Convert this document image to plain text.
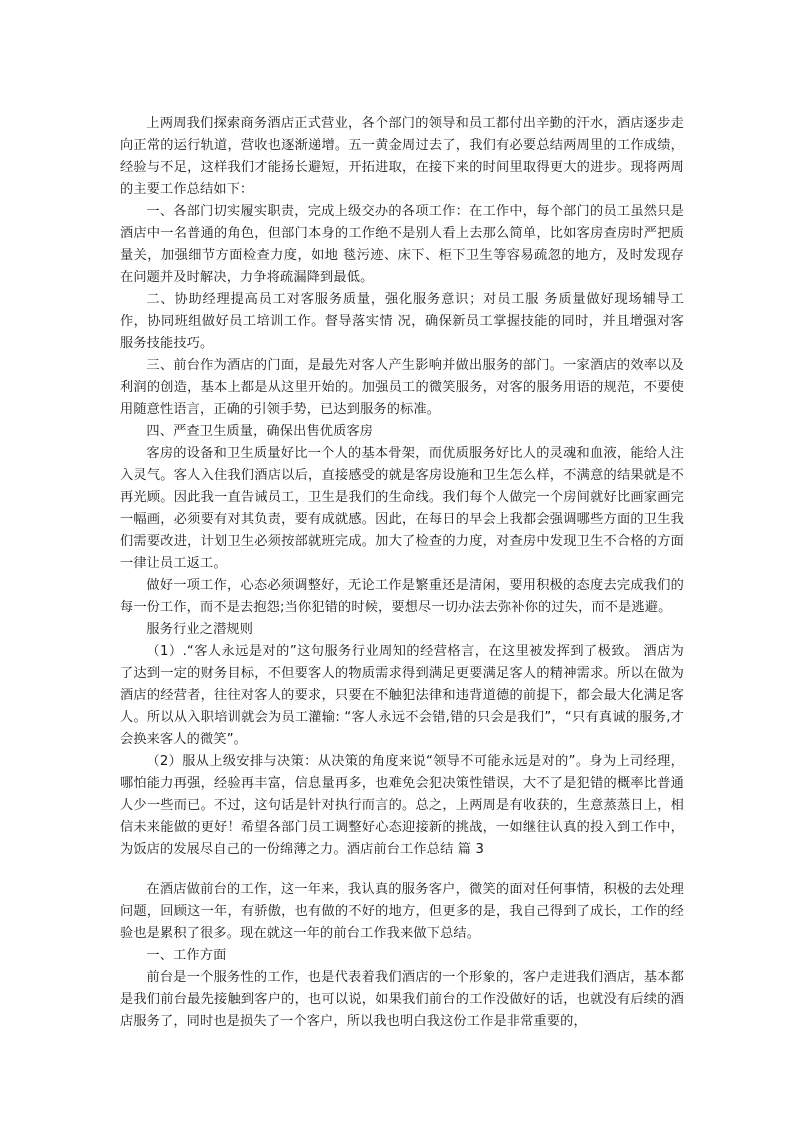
上两周我们探索商务酒店正式营业，各个部门的领导和员工都付出辛勤的汗水，酒店逐步走向正常的运行轨道，营收也逐渐递增。五一黄金周过去了，我们有必要总结两周里的工作成绩，经验与不足，这样我们才能扬长避短，开拓进取，在接下来的时间里取得更大的进步。现将两周的主要工作总结如下：

一、各部门切实履实职责，完成上级交办的各项工作：在工作中，每个部门的员工虽然只是酒店中一名普通的角色，但部门本身的工作绝不是别人看上去那么简单，比如客房查房时严把质量关，加强细节方面检查力度，如地 毯污迹、床下、柜下卫生等容易疏忽的地方，及时发现存在问题并及时解决，力争将疏漏降到最低。

二、协助经理提高员工对客服务质量，强化服务意识；对员工服 务质量做好现场辅导工作，协同班组做好员工培训工作。督导落实情 况，确保新员工掌握技能的同时，并且增强对客服务技能技巧。

三、前台作为酒店的门面，是最先对客人产生影响并做出服务的部门。一家酒店的效率以及利润的创造，基本上都是从这里开始的。加强员工的微笑服务，对客的服务用语的规范，不要使用随意性语言，正确的引领手势，已达到服务的标准。

四、严查卫生质量，确保出售优质客房

客房的设备和卫生质量好比一个人的基本骨架，而优质服务好比人的灵魂和血液，能给人注入灵气。客人入住我们酒店以后，直接感受的就是客房设施和卫生怎么样，不满意的结果就是不再光顾。因此我一直告诫员工，卫生是我们的生命线。我们每个人做完一个房间就好比画家画完一幅画，必须要有对其负责，要有成就感。因此，在每日的早会上我都会强调哪些方面的卫生我们需要改进，计划卫生必须按部就班完成。加大了检查的力度，对查房中发现卫生不合格的方面一律让员工返工。

做好一项工作，心态必须调整好，无论工作是繁重还是清闲，要用积极的态度去完成我们的每一份工作，而不是去抱怨;当你犯错的时候，要想尽一切办法去弥补你的过失，而不是逃避。

服务行业之潜规则

（1）.“客人永远是对的”这句服务行业周知的经营格言，在这里被发挥到了极致。 酒店为了达到一定的财务目标，不但要客人的物质需求得到满足更要满足客人的精神需求。所以在做为酒店的经营者，往往对客人的要求，只要在不触犯法律和违背道德的前提下，都会最大化满足客人。所以从入职培训就会为员工灌输: “客人永远不会错,错的只会是我们”，“只有真诚的服务,才会换来客人的微笑”。

（2）服从上级安排与决策：从决策的角度来说“领导不可能永远是对的”。身为上司经理，哪怕能力再强，经验再丰富，信息量再多，也难免会犯决策性错误，大不了是犯错的概率比普通人少一些而已。不过，这句话是针对执行而言的。总之，上两周是有收获的，生意蒸蒸日上，相信未来能做的更好！希望各部门员工调整好心态迎接新的挑战，一如继往认真的投入到工作中，为饭店的发展尽自己的一份绵薄之力。酒店前台工作总结 篇 3

在酒店做前台的工作，这一年来，我认真的服务客户，微笑的面对任何事情，积极的去处理问题，回顾这一年，有骄傲，也有做的不好的地方，但更多的是，我自己得到了成长，工作的经验也是累积了很多。现在就这一年的前台工作我来做下总结。

一、工作方面

前台是一个服务性的工作，也是代表着我们酒店的一个形象的，客户走进我们酒店，基本都是我们前台最先接触到客户的，也可以说，如果我们前台的工作没做好的话，也就没有后续的酒店服务了，同时也是损失了一个客户，所以我也明白我这份工作是非常重要的，
